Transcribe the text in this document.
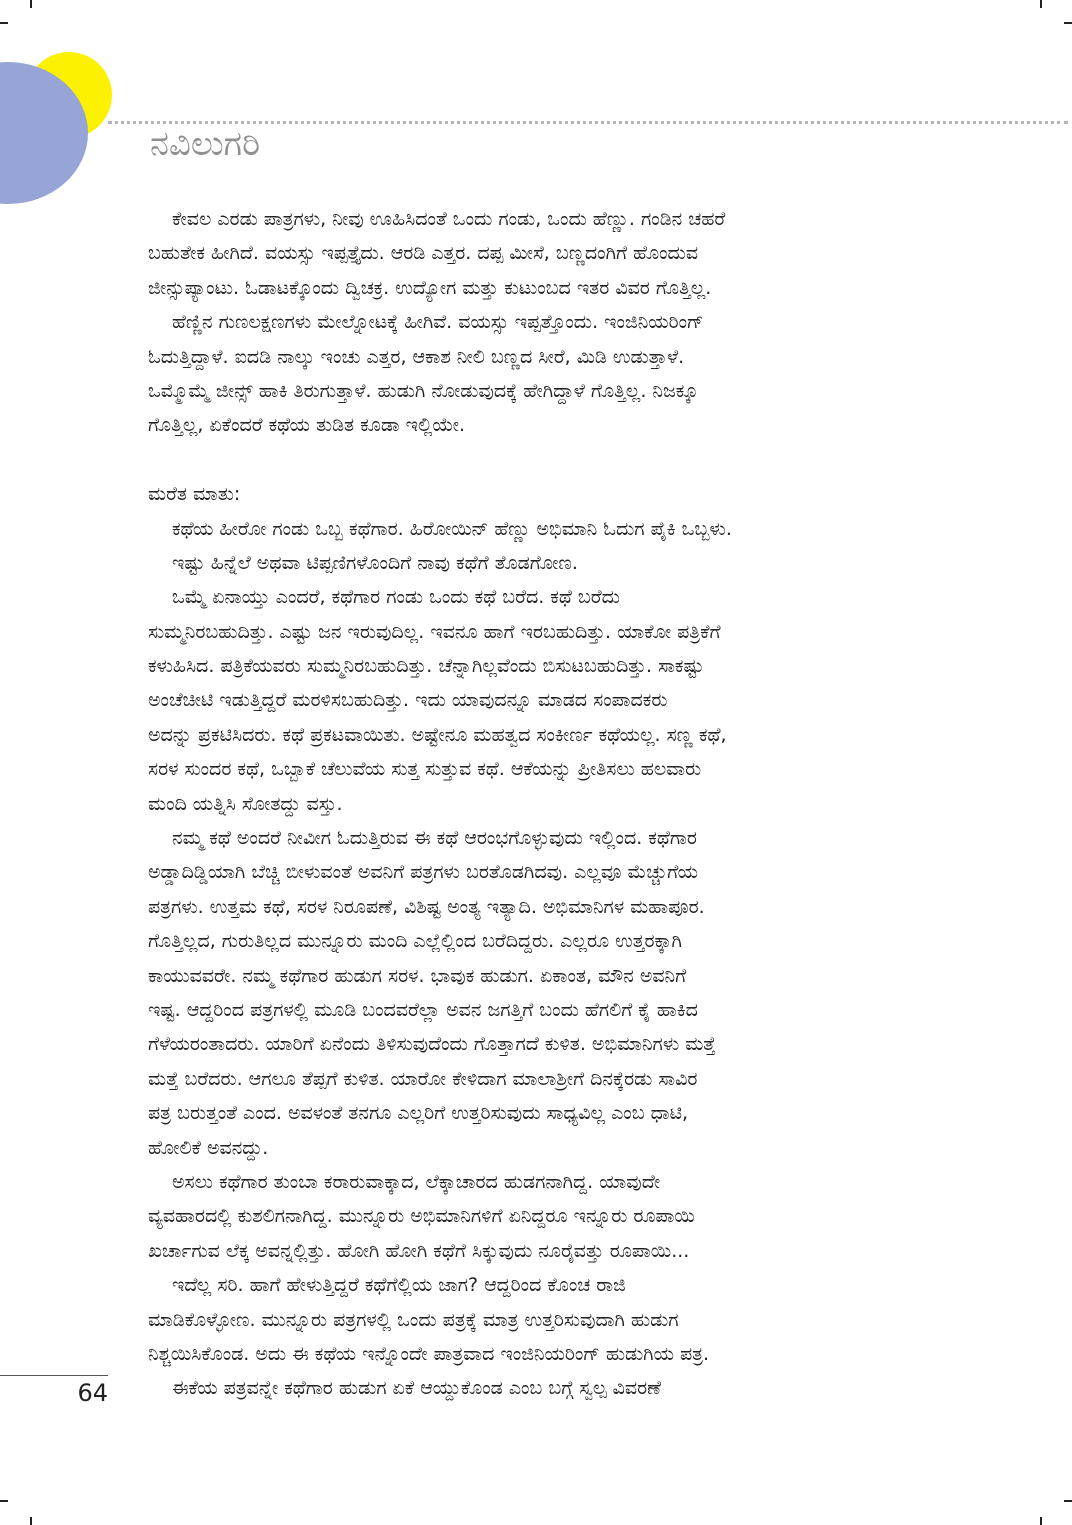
ನವಿಲುಗರಿ
ಕೇವಲ ಎರಡು ಪಾತ್ರಗಳು, ನೀವು ಊಹಿಸಿದಂತೆ ಒಂದು ಗಂಡು, ಒಂದು ಹೆಣ್ಣು. ಗಂಡಿನ ಚಹರೆ
ಬಹುತೇಕ ಹೀಗಿದೆ. ವಯಸ್ಸು ಇಪ್ಪತ್ತೈದು. ಆರಡಿ ಎತ್ತರ. ದಪ್ಪ ಮೀಸೆ, ಬಣ್ಣದಂಗಿಗೆ ಹೊಂದುವ
ಜೀನ್ಸುಪ್ಯಾಂಟು. ಓಡಾಟಕ್ಕೊಂದು ದ್ವಿಚಕ್ರ. ಉದ್ಯೋಗ ಮತ್ತು ಕುಟುಂಬದ ಇತರ ವಿವರ ಗೊತ್ತಿಲ್ಲ.
ಹೆಣ್ಣಿನ ಗುಣಲಕ್ಷಣಗಳು ಮೇಲ್ನೋಟಕ್ಕೆ ಹೀಗಿವೆ. ವಯಸ್ಸು ಇಪ್ಪತ್ತೊಂದು. ಇಂಜಿನಿಯರಿಂಗ್
ಓದುತ್ತಿದ್ದಾಳೆ. ಐದಡಿ ನಾಲ್ಕು ಇಂಚು ಎತ್ತರ, ಆಕಾಶ ನೀಲಿ ಬಣ್ಣದ ಸೀರೆ, ಮಿಡಿ ಉಡುತ್ತಾಳೆ.
ಒಮ್ಮೊಮ್ಮೆ ಜೀನ್ಸ್ ಹಾಕಿ ತಿರುಗುತ್ತಾಳೆ. ಹುಡುಗಿ ನೋಡುವುದಕ್ಕೆ ಹೇಗಿದ್ದಾಳೆ ಗೊತ್ತಿಲ್ಲ. ನಿಜಕ್ಕೂ
ಗೊತ್ತಿಲ್ಲ, ಏಕೆಂದರೆ ಕಥೆಯ ತುಡಿತ ಕೂಡಾ ಇಲ್ಲಿಯೇ.
ಮರೆತ ಮಾತು:
ಕಥೆಯ ಹೀರೋ ಗಂಡು ಒಬ್ಬ ಕಥೆಗಾರ. ಹಿರೋಯಿನ್ ಹೆಣ್ಣು ಅಭಿಮಾನಿ ಓದುಗ ಪೈಕಿ ಒಬ್ಬಳು.
ಇಷ್ಟು ಹಿನ್ನೆಲೆ ಅಥವಾ ಟಿಪ್ಪಣಿಗಳೊಂದಿಗೆ ನಾವು ಕಥೆಗೆ ತೊಡಗೋಣ.
ಒಮ್ಮೆ ಏನಾಯ್ತು ಎಂದರೆ, ಕಥೆಗಾರ ಗಂಡು ಒಂದು ಕಥೆ ಬರೆದ. ಕಥೆ ಬರೆದು
ಸುಮ್ಮನಿರಬಹುದಿತ್ತು. ಎಷ್ಟು ಜನ ಇರುವುದಿಲ್ಲ. ಇವನೂ ಹಾಗೆ ಇರಬಹುದಿತ್ತು. ಯಾಕೋ ಪತ್ರಿಕೆಗೆ
ಕಳುಹಿಸಿದ. ಪತ್ರಿಕೆಯವರು ಸುಮ್ಮನಿರಬಹುದಿತ್ತು. ಚೆನ್ನಾಗಿಲ್ಲವೆಂದು ಬಿಸುಟಬಹುದಿತ್ತು. ಸಾಕಷ್ಟು
ಅಂಚೆಚೀಟಿ ಇಡುತ್ತಿದ್ದರೆ ಮರಳಿಸಬಹುದಿತ್ತು. ಇದು ಯಾವುದನ್ನೂ ಮಾಡದ ಸಂಪಾದಕರು
ಅದನ್ನು ಪ್ರಕಟಿಸಿದರು. ಕಥೆ ಪ್ರಕಟವಾಯಿತು. ಅಷ್ಟೇನೂ ಮಹತ್ವದ ಸಂಕೀರ್ಣ ಕಥೆಯಲ್ಲ. ಸಣ್ಣ ಕಥೆ,
ಸರಳ ಸುಂದರ ಕಥೆ, ಒಬ್ಬಾಕೆ ಚೆಲುವೆಯ ಸುತ್ತ ಸುತ್ತುವ ಕಥೆ. ಆಕೆಯನ್ನು ಪ್ರೀತಿಸಲು ಹಲವಾರು
ಮಂದಿ ಯತ್ನಿಸಿ ಸೋತದ್ದು ವಸ್ತು.
ನಮ್ಮ ಕಥೆ ಅಂದರೆ ನೀವೀಗ ಓದುತ್ತಿರುವ ಈ ಕಥೆ ಆರಂಭಗೊಳ್ಳುವುದು ಇಲ್ಲಿಂದ. ಕಥೆಗಾರ
ಅಡ್ಡಾದಿಡ್ಡಿಯಾಗಿ ಬೆಚ್ಚಿ ಬೀಳುವಂತೆ ಅವನಿಗೆ ಪತ್ರಗಳು ಬರತೊಡಗಿದವು. ಎಲ್ಲವೂ ಮೆಚ್ಚುಗೆಯ
ಪತ್ರಗಳು. ಉತ್ತಮ ಕಥೆ, ಸರಳ ನಿರೂಪಣೆ, ವಿಶಿಷ್ಟ ಅಂತ್ಯ ಇತ್ಯಾದಿ. ಅಭಿಮಾನಿಗಳ ಮಹಾಪೂರ.
ಗೊತ್ತಿಲ್ಲದ, ಗುರುತಿಲ್ಲದ ಮುನ್ನೂರು ಮಂದಿ ಎಲ್ಲೆಲ್ಲಿಂದ ಬರೆದಿದ್ದರು. ಎಲ್ಲರೂ ಉತ್ತರಕ್ಕಾಗಿ
ಕಾಯುವವರೇ. ನಮ್ಮ ಕಥೆಗಾರ ಹುಡುಗ ಸರಳ. ಭಾವುಕ ಹುಡುಗ. ಏಕಾಂತ, ಮೌನ ಅವನಿಗೆ
ಇಷ್ಟ. ಆದ್ದರಿಂದ ಪತ್ರಗಳಲ್ಲಿ ಮೂಡಿ ಬಂದವರೆಲ್ಲಾ ಅವನ ಜಗತ್ತಿಗೆ ಬಂದು ಹೆಗಲಿಗೆ ಕೈ ಹಾಕಿದ
ಗೆಳೆಯರಂತಾದರು. ಯಾರಿಗೆ ಏನೆಂದು ತಿಳಿಸುವುದೆಂದು ಗೊತ್ತಾಗದೆ ಕುಳಿತ. ಅಭಿಮಾನಿಗಳು ಮತ್ತೆ
ಮತ್ತೆ ಬರೆದರು. ಆಗಲೂ ತೆಪ್ಪಗೆ ಕುಳಿತ. ಯಾರೋ ಕೇಳಿದಾಗ ಮಾಲಾಶ್ರೀಗೆ ದಿನಕ್ಕೆರಡು ಸಾವಿರ
ಪತ್ರ ಬರುತ್ತಂತೆ ಎಂದ. ಅವಳಂತೆ ತನಗೂ ಎಲ್ಲರಿಗೆ ಉತ್ತರಿಸುವುದು ಸಾಧ್ಯವಿಲ್ಲ ಎಂಬ ಧಾಟಿ,
ಹೋಲಿಕೆ ಅವನದ್ದು.
ಅಸಲು ಕಥೆಗಾರ ತುಂಬಾ ಕರಾರುವಾಕ್ಕಾದ, ಲೆಕ್ಕಾಚಾರದ ಹುಡಗನಾಗಿದ್ದ. ಯಾವುದೇ
ವ್ಯವಹಾರದಲ್ಲಿ ಕುಶಲಿಗನಾಗಿದ್ದ. ಮುನ್ನೂರು ಅಭಿಮಾನಿಗಳಿಗೆ ಏನಿದ್ದರೂ ಇನ್ನೂರು ರೂಪಾಯಿ
ಖರ್ಚಾಗುವ ಲೆಕ್ಕ ಅವನ್ನಲ್ಲಿತ್ತು. ಹೋಗಿ ಹೋಗಿ ಕಥೆಗೆ ಸಿಕ್ಕುವುದು ನೂರೈವತ್ತು ರೂಪಾಯಿ...
ಇದೆಲ್ಲ ಸರಿ. ಹಾಗೆ ಹೇಳುತ್ತಿದ್ದರೆ ಕಥೆಗೆಲ್ಲಿಯ ಜಾಗ? ಆದ್ದರಿಂದ ಕೊಂಚ ರಾಜಿ
ಮಾಡಿಕೊಳ್ಳೋಣ. ಮುನ್ನೂರು ಪತ್ರಗಳಲ್ಲಿ ಒಂದು ಪತ್ರಕ್ಕೆ ಮಾತ್ರ ಉತ್ತರಿಸುವುದಾಗಿ ಹುಡುಗ
ನಿಶ್ಚಯಿಸಿಕೊಂಡ. ಅದು ಈ ಕಥೆಯ ಇನ್ನೊಂದೇ ಪಾತ್ರವಾದ ಇಂಜಿನಿಯರಿಂಗ್ ಹುಡುಗಿಯ ಪತ್ರ.
ಈಕೆಯ ಪತ್ರವನ್ನೇ ಕಥೆಗಾರ ಹುಡುಗ ಏಕೆ ಆಯ್ದುಕೊಂಡ ಎಂಬ ಬಗ್ಗೆ ಸ್ವಲ್ಪ ವಿವರಣೆ
64
